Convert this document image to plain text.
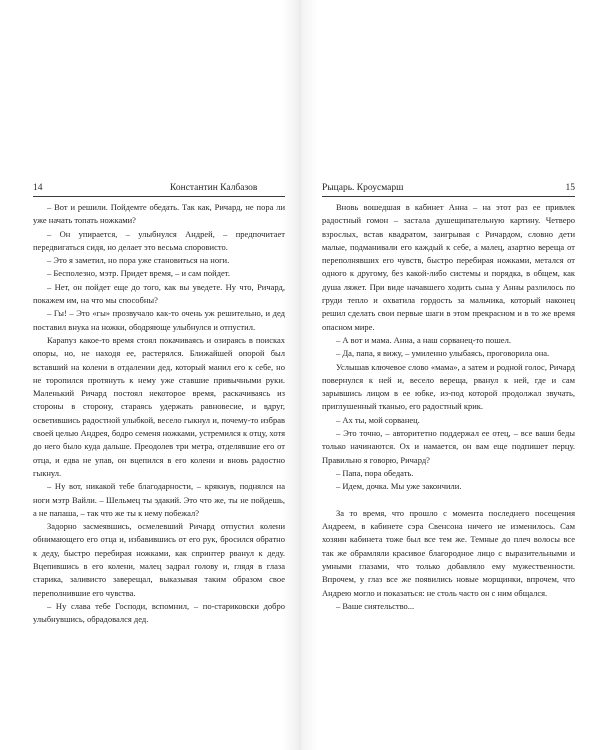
14	Константин Калбазов

– Вот и решили. Пойдемте обедать. Так как, Ричард, не пора ли уже начать топать ножками?

– Он упирается, – улыбнулся Андрей, – предпочитает передвигаться сидя, но делает это весьма споровисто.

– Это я заметил, но пора уже становиться на ноги.

– Бесполезно, мэтр. Придет время, – и сам пойдет.

– Нет, он пойдет еще до того, как вы уведете. Ну что, Ричард, покажем им, на что мы способны?

– Гы! – Это «гы» прозвучало как-то очень уж решительно, и дед поставил внука на ножки, ободряюще улыбнулся и отпустил.

Карапуз какое-то время стоял покачиваясь и озираясь в поисках опоры, но, не находя ее, растерялся. Ближайшей опорой был вставший на колени в отдалении дед, который манил его к себе, но не торопился протянуть к нему уже ставшие привычными руки. Маленький Ричард постоял некоторое время, раскачиваясь из стороны в сторону, стараясь удержать равновесие, и вдруг, осветившись радостной улыбкой, весело гыкнул и, почему-то избрав своей целью Андрея, бодро семеня ножками, устремился к отцу, хотя до него было куда дальше. Преодолев три метра, отделявшие его от отца, и едва не упав, он вцепился в его колени и вновь радостно гыкнул.

– Ну вот, никакой тебе благодарности, – крякнув, поднялся на ноги мэтр Вайли. – Шельмец ты эдакий. Это что же, ты не пойдешь, а не папаша, – так что же ты к нему побежал?

Задорно засмеявшись, осмелевший Ричард отпустил колени обнимающего его отца и, избавившись от его рук, бросился обратно к деду, быстро перебирая ножками, как спринтер рванул к деду. Вцепившись в его колени, малец задрал голову и, глядя в глаза старика, заливисто заверещал, выказывая таким образом свое переполнившие его чувства.

– Ну слава тебе Господи, вспомнил, – по-стариковски добро улыбнувшись, обрадовался дед.

Рыцарь. Кроусмарш	15

Вновь вошедшая в кабинет Анна – на этот раз ее привлек радостный гомон – застала душещипательную картину. Четверо взрослых, встав квадратом, заигрывая с Ричардом, словно дети малые, подманивали его каждый к себе, а малец, азартно вереща от переполнявших его чувств, быстро перебирая ножками, метался от одного к другому, без какой-либо системы и порядка, в общем, как душа ляжет. При виде начавшего ходить сына у Анны разлилось по груди тепло и охватила гордость за мальчика, который наконец решил сделать свои первые шаги в этом прекрасном и в то же время опасном мире.

– А вот и мама. Анна, а наш сорванец-то пошел.

– Да, папа, я вижу, – умиленно улыбаясь, проговорила она.

Услышав ключевое слово «мама», а затем и родной голос, Ричард повернулся к ней и, весело вереща, рванул к ней, где и сам зарывшись лицом в ее юбке, из-под которой продолжал звучать, приглушенный тканью, его радостный крик.

– Ах ты, мой сорванец.

– Это точно, – авторитетно поддержал ее отец, – все ваши беды только начинаются. Ох и намается, он вам еще подпишет перцу. Правильно я говорю, Ричард?

– Папа, пора обедать.

– Идем, дочка. Мы уже закончили.

За то время, что прошло с момента последнего посещения Андреем, в кабинете сэра Свенсона ничего не изменилось. Сам хозяин кабинета тоже был все тем же. Темные до плеч волосы все так же обрамляли красивое благородное лицо с выразительными и умными глазами, что только добавляло ему мужественности. Впрочем, у глаз все же появились новые морщинки, впрочем, что Андрею могло и показаться: не столь часто он с ним общался.

– Ваше сиятельство...
